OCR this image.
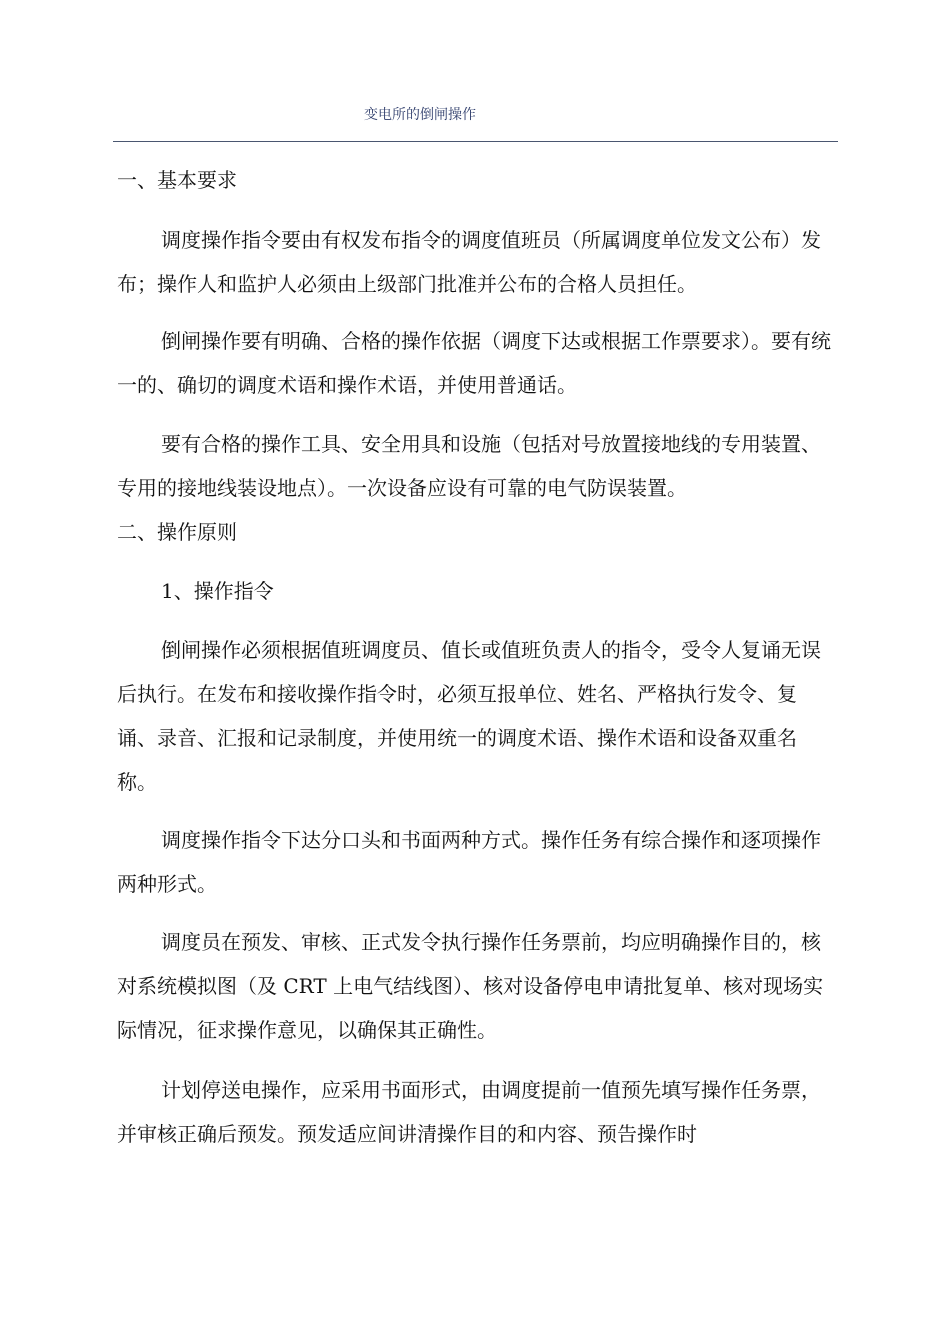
变电所的倒闸操作

一、基本要求

调度操作指令要由有权发布指令的调度值班员（所属调度单位发文公布）发布；操作人和监护人必须由上级部门批准并公布的合格人员担任。

倒闸操作要有明确、合格的操作依据（调度下达或根据工作票要求）。要有统一的、确切的调度术语和操作术语，并使用普通话。

要有合格的操作工具、安全用具和设施（包括对号放置接地线的专用装置、专用的接地线装设地点）。一次设备应设有可靠的电气防误装置。

二、操作原则

1、操作指令

倒闸操作必须根据值班调度员、值长或值班负责人的指令，受令人复诵无误后执行。在发布和接收操作指令时，必须互报单位、姓名、严格执行发令、复诵、录音、汇报和记录制度，并使用统一的调度术语、操作术语和设备双重名称。

调度操作指令下达分口头和书面两种方式。操作任务有综合操作和逐项操作两种形式。

调度员在预发、审核、正式发令执行操作任务票前，均应明确操作目的，核对系统模拟图（及 CRT 上电气结线图）、核对设备停电申请批复单、核对现场实际情况，征求操作意见，以确保其正确性。

计划停送电操作，应采用书面形式，由调度提前一值预先填写操作任务票，并审核正确后预发。预发适应间讲清操作目的和内容、预告操作时
